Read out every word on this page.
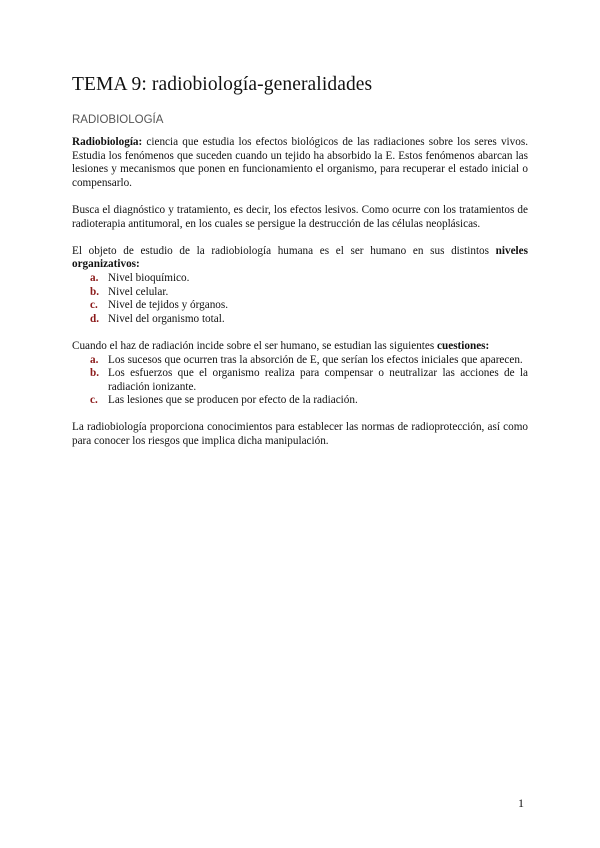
TEMA 9: radiobiología-generalidades
RADIOBIOLOGÍA

Radiobiología: ciencia que estudia los efectos biológicos de las radiaciones sobre los seres vivos. Estudia los fenómenos que suceden cuando un tejido ha absorbido la E. Estos fenómenos abarcan las lesiones y mecanismos que ponen en funcionamiento el organismo, para recuperar el estado inicial o compensarlo.

Busca el diagnóstico y tratamiento, es decir, los efectos lesivos. Como ocurre con los tratamientos de radioterapia antitumoral, en los cuales se persigue la destrucción de las células neoplásicas.

El objeto de estudio de la radiobiología humana es el ser humano en sus distintos niveles organizativos:

a. Nivel bioquímico.
b. Nivel celular.
c. Nivel de tejidos y órganos.
d. Nivel del organismo total.

Cuando el haz de radiación incide sobre el ser humano, se estudian las siguientes cuestiones:

a. Los sucesos que ocurren tras la absorción de E, que serían los efectos iniciales que aparecen.
b. Los esfuerzos que el organismo realiza para compensar o neutralizar las acciones de la radiación ionizante.
c. Las lesiones que se producen por efecto de la radiación.

La radiobiología proporciona conocimientos para establecer las normas de radioprotección, así como para conocer los riesgos que implica dicha manipulación.

1
